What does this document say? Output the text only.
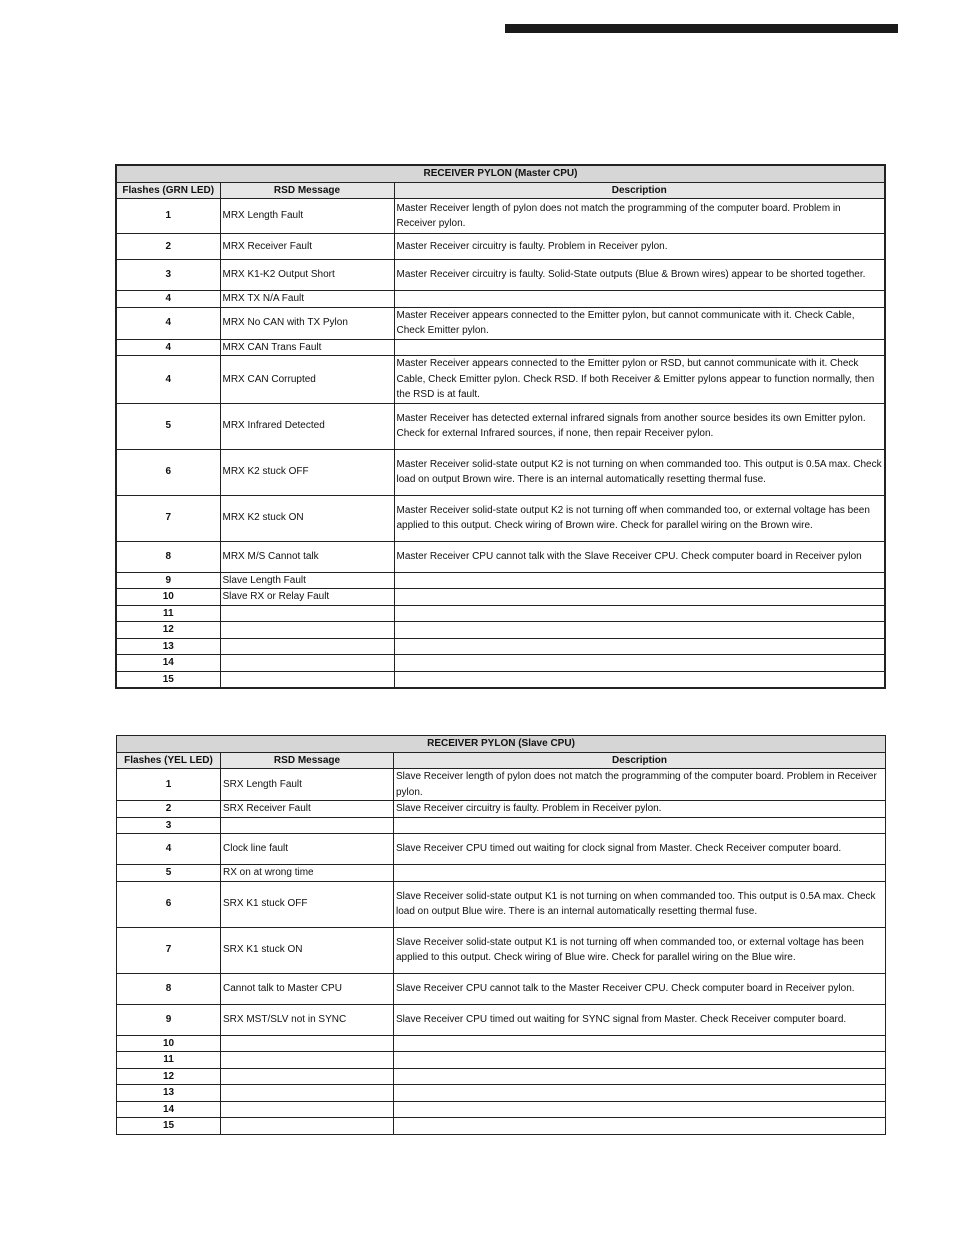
RECEIVER PYLON (Master CPU)		
Flashes (GRN LED)	RSD Message	Description
1	MRX Length Fault	Master Receiver length of pylon does not match the programming of the computer board. Problem in Receiver pylon.
2	MRX Receiver Fault	Master Receiver circuitry is faulty. Problem in Receiver pylon.
3	MRX K1-K2 Output Short	Master Receiver circuitry is faulty. Solid-State outputs (Blue & Brown wires) appear to be shorted together.
4	MRX TX N/A Fault	
4	MRX No CAN with TX Pylon	Master Receiver appears connected to the Emitter pylon, but cannot communicate with it. Check Cable, Check Emitter pylon.
4	MRX CAN Trans Fault	
4	MRX CAN Corrupted	Master Receiver appears connected to the Emitter pylon or RSD, but cannot communicate with it. Check Cable, Check Emitter pylon. Check RSD. If both Receiver & Emitter pylons appear to function normally, then the RSD is at fault.
5	MRX Infrared Detected	Master Receiver has detected external infrared signals from another source besides its own Emitter pylon. Check for external Infrared sources, if none, then repair Receiver pylon.
6	MRX K2 stuck OFF	Master Receiver solid-state output K2 is not turning on when commanded too. This output is 0.5A max. Check load on output Brown wire. There is an internal automatically resetting thermal fuse.
7	MRX K2 stuck ON	Master Receiver solid-state output K2 is not turning off when commanded too, or external voltage has been applied to this output. Check wiring of Brown wire. Check for parallel wiring on the Brown wire.
8	MRX M/S Cannot talk	Master Receiver CPU cannot talk with the Slave Receiver CPU. Check computer board in Receiver pylon
9	Slave Length Fault	
10	Slave RX or Relay Fault	
11		
12		
13		
14		
15		
RECEIVER PYLON (Slave CPU)		
Flashes (YEL LED)	RSD Message	Description
1	SRX Length Fault	Slave Receiver length of pylon does not match the programming of the computer board. Problem in Receiver pylon.
2	SRX Receiver Fault	Slave Receiver circuitry is faulty. Problem in Receiver pylon.
3		
4	Clock line fault	Slave Receiver CPU timed out waiting for clock signal from Master. Check Receiver computer board.
5	RX on at wrong time	
6	SRX K1 stuck OFF	Slave Receiver solid-state output K1 is not turning on when commanded too. This output is 0.5A max. Check load on output Blue wire. There is an internal automatically resetting thermal fuse.
7	SRX K1 stuck ON	Slave Receiver solid-state output K1 is not turning off when commanded too, or external voltage has been applied to this output. Check wiring of Blue wire. Check for parallel wiring on the Blue wire.
8	Cannot talk to Master CPU	Slave Receiver CPU cannot talk to the Master Receiver CPU. Check computer board in Receiver pylon.
9	SRX MST/SLV not in SYNC	Slave Receiver CPU timed out waiting for SYNC signal from Master. Check Receiver computer board.
10		
11		
12		
13		
14		
15		
